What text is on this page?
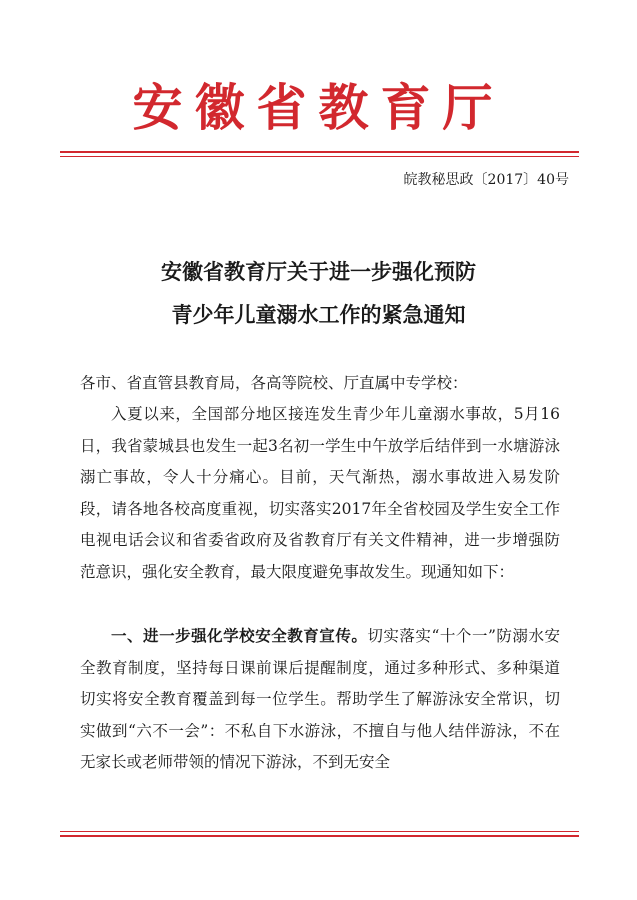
安徽省教育厅
皖教秘思政〔2017〕40号
安徽省教育厅关于进一步强化预防
青少年儿童溺水工作的紧急通知
各市、省直管县教育局，各高等院校、厅直属中专学校：

入夏以来，全国部分地区接连发生青少年儿童溺水事故，5月16日，我省蒙城县也发生一起3名初一学生中午放学后结伴到一水塘游泳溺亡事故，令人十分痛心。目前，天气渐热，溺水事故进入易发阶段，请各地各校高度重视，切实落实2017年全省校园及学生安全工作电视电话会议和省委省政府及省教育厅有关文件精神，进一步增强防范意识，强化安全教育，最大限度避免事故发生。现通知如下：

一、进一步强化学校安全教育宣传。切实落实“十个一”防溺水安全教育制度，坚持每日课前课后提醒制度，通过多种形式、多种渠道切实将安全教育覆盖到每一位学生。帮助学生了解游泳安全常识，切实做到“六不一会”：不私自下水游泳，不擅自与他人结伴游泳，不在无家长或老师带领的情况下游泳，不到无安全
